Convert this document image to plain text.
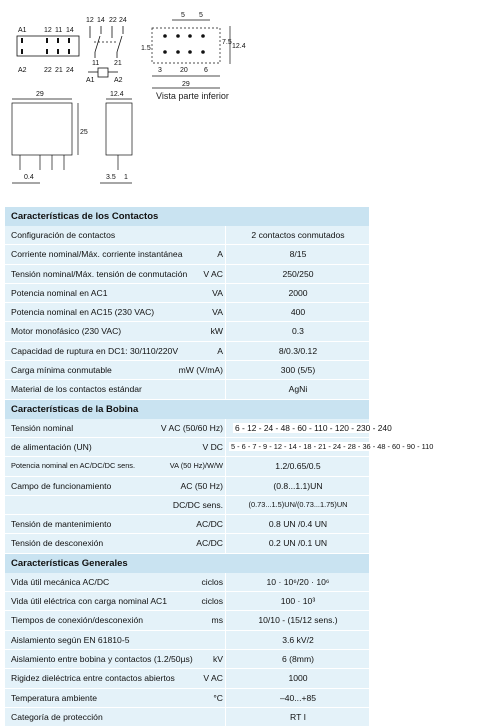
A1 12 11 14
A2 22 21 24
12 14 22 24
11 21
A1	A2
5 5
1.5
7.5
12.4
3	20 6
29
29
25
0.4
12.4
3.5 1
Vista parte inferior
Características de los Contactos
Configuración de contactos	2 contactos conmutados
Corriente nominal/Máx. corriente instantánea	A	8/15
Tensión nominal/Máx. tensión de conmutación V AC	250/250
Potencia nominal en AC1	VA	2000
Potencia nominal en AC15 (230 VAC)	VA	400
Motor monofásico (230 VAC)	kW	0.3
Capacidad de ruptura en DC1: 30/110/220V	A	8/0.3/0.12
Carga mínima conmutable	mW (V/mA)	300 (5/5)
Material de los contactos estándar	AgNi
Características de la Bobina
Tensión nominal	V AC (50/60 Hz) 6 - 12 - 24 - 48 - 60 - 110 - 120 - 230 - 240
de alimentación (UN)	V DC 5 - 6 - 7 - 9 - 12 - 14 - 18 - 21 - 24 - 28 - 36 - 48 - 60 - 90 - 110
Potencia nominal en AC/DC/DC sens.	VA (50 Hz)/W/W	1.2/0.65/0.5
Campo de funcionamiento	AC (50 Hz)	(0.8...1.1)UN
DC/DC sens.	(0.73...1.5)UN/(0.73...1.75)UN
Tensión de mantenimiento	AC/DC	0.8 UN /0.4 UN
Tensión de desconexión	AC/DC	0.2 UN /0.1 UN
Características Generales
Vida útil mecánica AC/DC	ciclos	10 · 10⁶/20 · 10⁶
Vida útil eléctrica con carga nominal AC1	ciclos	100 · 10³
Tiempos de conexión/desconexión	ms	10/10 - (15/12 sens.)
Aislamiento según EN 61810-5	3.6 kV/2
Aislamiento entre bobina y contactos (1.2/50µs) kV	6 (8mm)
Rigidez dieléctrica entre contactos abiertos	V AC	1000
Temperatura ambiente	°C	–40...+85
Categoría de protección	RT I
